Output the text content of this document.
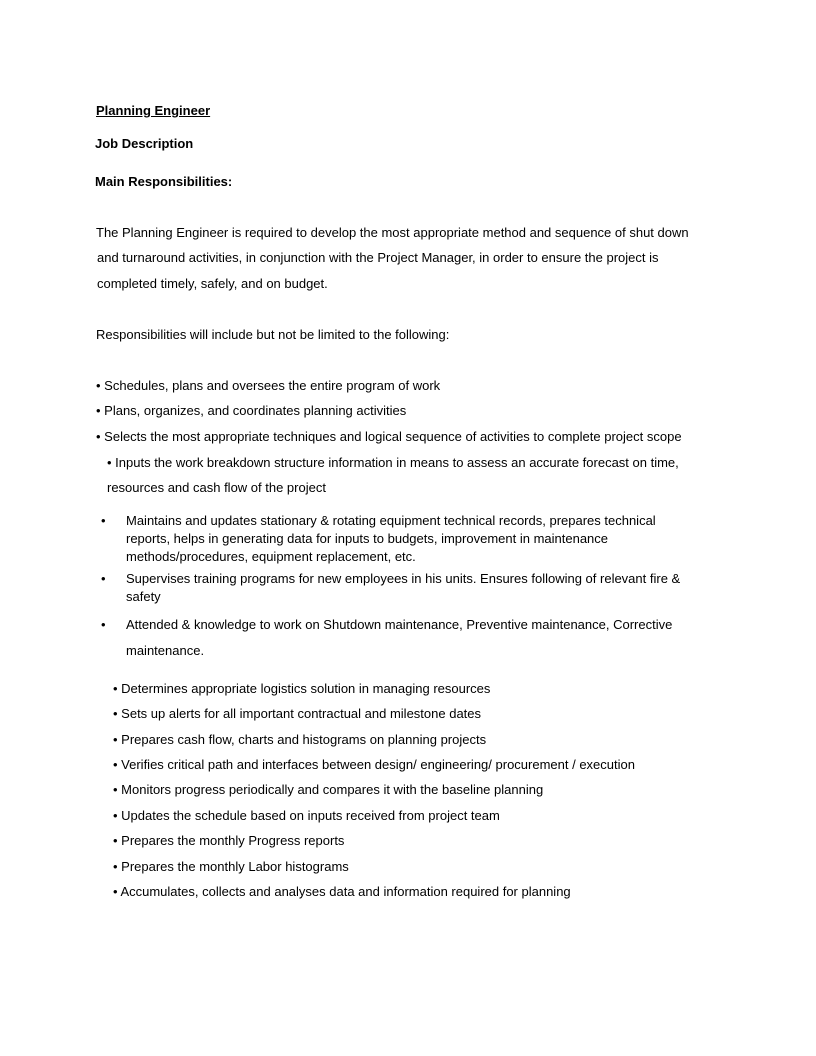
Planning Engineer
Job Description
Main Responsibilities:
The Planning Engineer is required to develop the most appropriate method and sequence of shut down
and turnaround activities, in conjunction with the Project Manager, in order to ensure the project is
completed timely, safely, and on budget.
Responsibilities will include but not be limited to the following:
• Schedules, plans and oversees the entire program of work
• Plans, organizes, and coordinates planning activities
• Selects the most appropriate techniques and logical sequence of activities to complete project scope
• Inputs the work breakdown structure information in means to assess an accurate forecast on time,
resources and cash flow of the project
• Maintains and updates stationary & rotating equipment technical records, prepares technical
reports, helps in generating data for inputs to budgets, improvement in maintenance
methods/procedures, equipment replacement, etc.
• Supervises training programs for new employees in his units. Ensures following of relevant fire &
safety
• Attended & knowledge to work on Shutdown maintenance, Preventive maintenance, Corrective
maintenance.
• Determines appropriate logistics solution in managing resources
• Sets up alerts for all important contractual and milestone dates
• Prepares cash flow, charts and histograms on planning projects
• Verifies critical path and interfaces between design/ engineering/ procurement / execution
• Monitors progress periodically and compares it with the baseline planning
• Updates the schedule based on inputs received from project team
• Prepares the monthly Progress reports
• Prepares the monthly Labor histograms
• Accumulates, collects and analyses data and information required for planning
